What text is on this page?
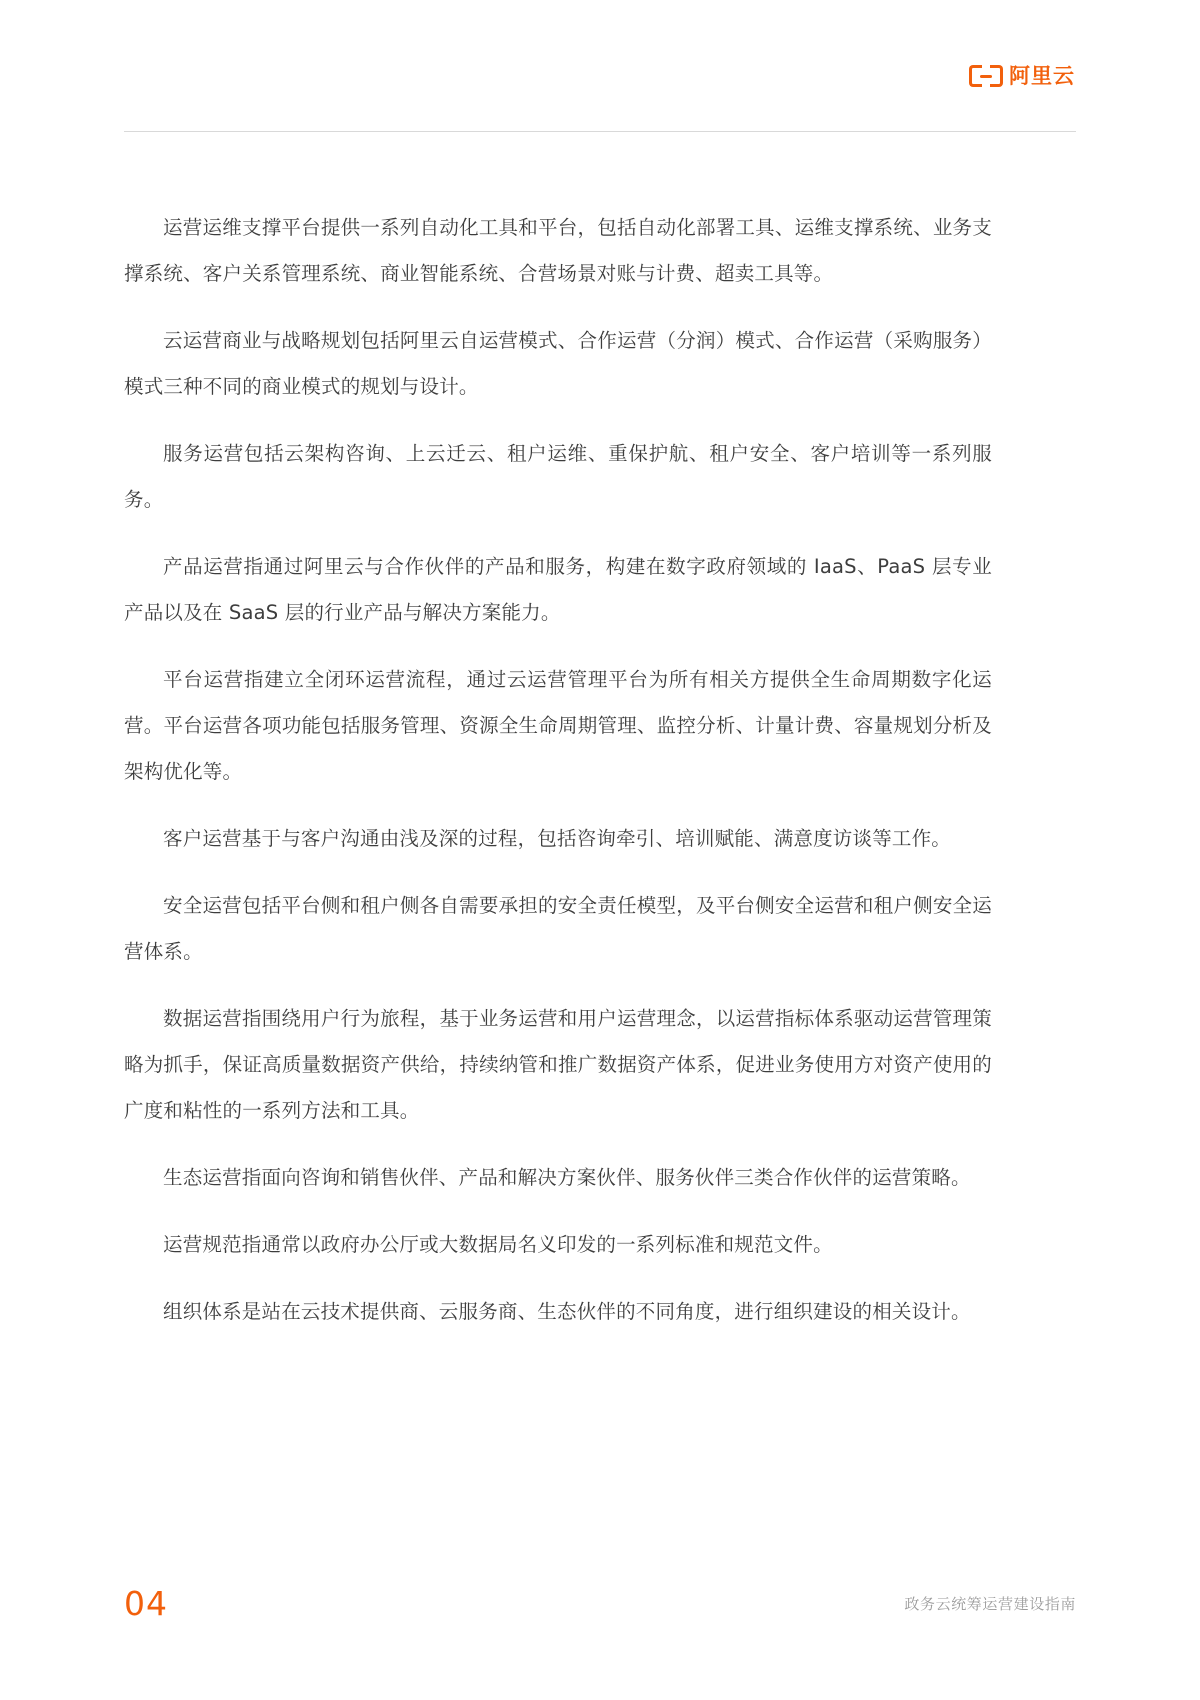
阿里云

运营运维支撑平台提供一系列自动化工具和平台，包括自动化部署工具、运维支撑系统、业务支撑系统、客户关系管理系统、商业智能系统、合营场景对账与计费、超卖工具等。

云运营商业与战略规划包括阿里云自运营模式、合作运营（分润）模式、合作运营（采购服务）模式三种不同的商业模式的规划与设计。

服务运营包括云架构咨询、上云迁云、租户运维、重保护航、租户安全、客户培训等一系列服务。

产品运营指通过阿里云与合作伙伴的产品和服务，构建在数字政府领域的 IaaS、PaaS 层专业产品以及在 SaaS 层的行业产品与解决方案能力。

平台运营指建立全闭环运营流程，通过云运营管理平台为所有相关方提供全生命周期数字化运营。平台运营各项功能包括服务管理、资源全生命周期管理、监控分析、计量计费、容量规划分析及架构优化等。

客户运营基于与客户沟通由浅及深的过程，包括咨询牵引、培训赋能、满意度访谈等工作。

安全运营包括平台侧和租户侧各自需要承担的安全责任模型，及平台侧安全运营和租户侧安全运营体系。

数据运营指围绕用户行为旅程，基于业务运营和用户运营理念，以运营指标体系驱动运营管理策略为抓手，保证高质量数据资产供给，持续纳管和推广数据资产体系，促进业务使用方对资产使用的广度和粘性的一系列方法和工具。

生态运营指面向咨询和销售伙伴、产品和解决方案伙伴、服务伙伴三类合作伙伴的运营策略。

运营规范指通常以政府办公厅或大数据局名义印发的一系列标准和规范文件。

组织体系是站在云技术提供商、云服务商、生态伙伴的不同角度，进行组织建设的相关设计。

04	政务云统筹运营建设指南
